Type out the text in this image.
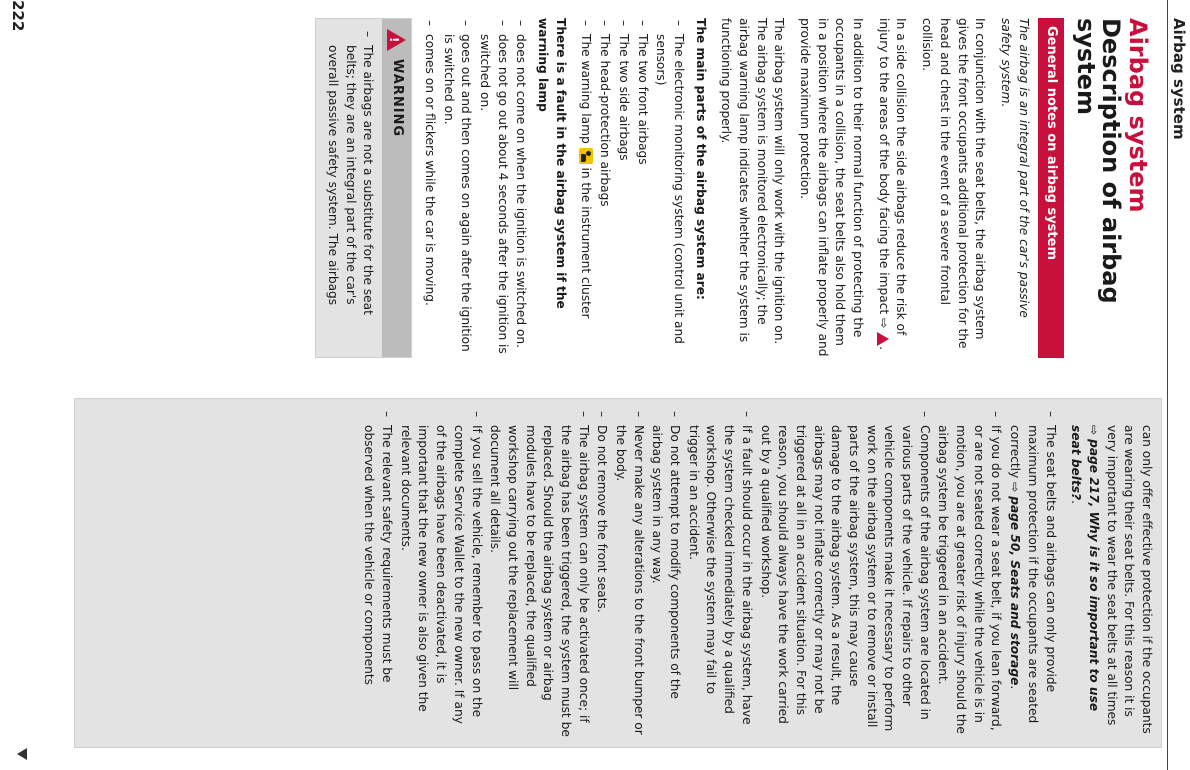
Airbag system
Airbag system
Description of airbag system
General notes on airbag system

The airbag is an integral part of the car's passive safety system.

In conjunction with the seat belts, the airbag system gives the front occupants additional protection for the head and chest in the event of a severe frontal collision.

In a side collision the side airbags reduce the risk of injury to the areas of the body facing the impact ⇨ .

In addition to their normal function of protecting the occupants in a collision, the seat belts also hold them in a position where the airbags can inflate properly and provide maximum protection.

The airbag system will only work with the ignition on. The airbag system is monitored electronically; the airbag warning lamp indicates whether the system is functioning properly.

The main parts of the airbag system are:
– The electronic monitoring system (control unit and sensors)
– The two front airbags
– The two side airbags
– The head-protection airbags
– The warning lamp  in the instrument cluster
There is a fault in the airbag system if the warning lamp
– does not come on when the ignition is switched on.
– does not go out about 4 seconds after the ignition is switched on.
– goes out and then comes on again after the ignition is switched on.
– comes on or flickers while the car is moving.
!
WARNING
– The airbags are not a substitute for the seat belts; they are an integral part of the car's overall passive safety system. The airbags

can only offer effective protection if the occupants are wearing their seat belts. For this reason it is very important to wear the seat belts at all times ⇨ page 217, Why is it so important to use seat belts?.

– The seat belts and airbags can only provide maximum protection if the occupants are seated correctly ⇨ page 50, Seats and storage.
– If you do not wear a seat belt, if you lean forward, or are not seated correctly while the vehicle is in motion, you are at greater risk of injury should the airbag system be triggered in an accident.
– Components of the airbag system are located in various parts of the vehicle. If repairs to other vehicle components make it necessary to perform work on the airbag system or to remove or install parts of the airbag system, this may cause damage to the airbag system. As a result, the airbags may not inflate correctly or may not be triggered at all in an accident situation. For this reason, you should always have the work carried out by a qualified workshop.
– If a fault should occur in the airbag system, have the system checked immediately by a qualified workshop. Otherwise the system may fail to trigger in an accident.
– Do not attempt to modify components of the airbag system in any way.
– Never make any alterations to the front bumper or the body.
– Do not remove the front seats.
– The airbag system can only be activated once; if the airbag has been triggered, the system must be replaced. Should the airbag system or airbag modules have to be replaced, the qualified workshop carrying out the replacement will document all details.
– If you sell the vehicle, remember to pass on the complete Service Wallet to the new owner. If any of the airbags have been deactivated, it is important that the new owner is also given the relevant documents.
– The relevant safety requirements must be observed when the vehicle or components
222
